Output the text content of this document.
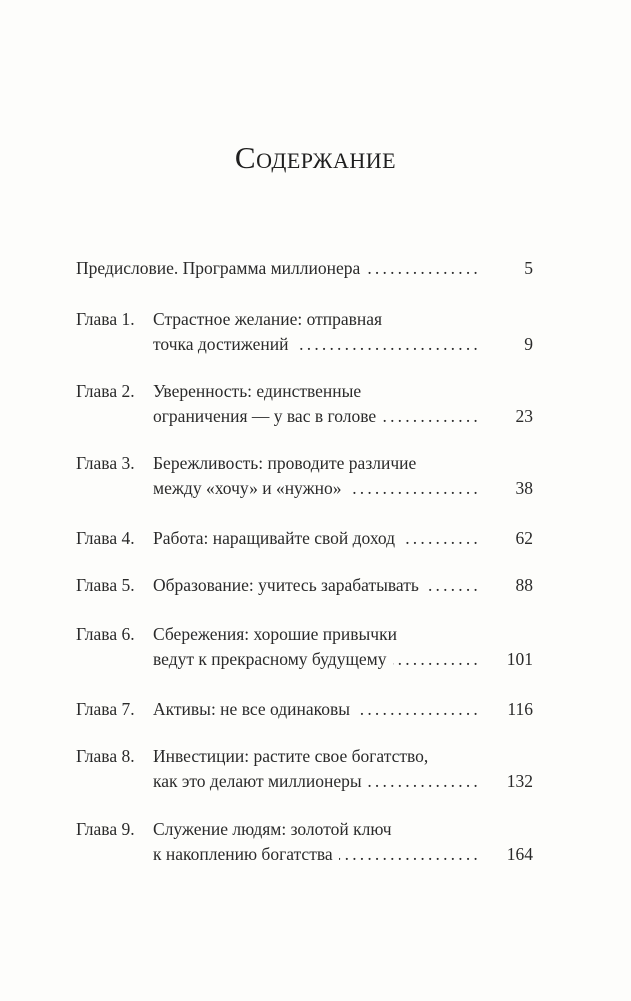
Содержание
Предисловие. Программа миллионера .....	5
Глава 1. Страстное желание: отправная
точка достижений .....	9
Глава 2. Уверенность: единственные
ограничения — у вас в голове .....	23
Глава 3. Бережливость: проводите различие
между «хочу» и «нужно» .....	38
Глава 4. Работа: наращивайте свой доход .....	62
Глава 5. Образование: учитесь зарабатывать .....	88
Глава 6. Сбережения: хорошие привычки
ведут к прекрасному будущему .....	101
Глава 7. Активы: не все одинаковы .....	116
Глава 8. Инвестиции: растите свое богатство,
как это делают миллионеры .....	132
Глава 9. Служение людям: золотой ключ
к накоплению богатства .....	164
